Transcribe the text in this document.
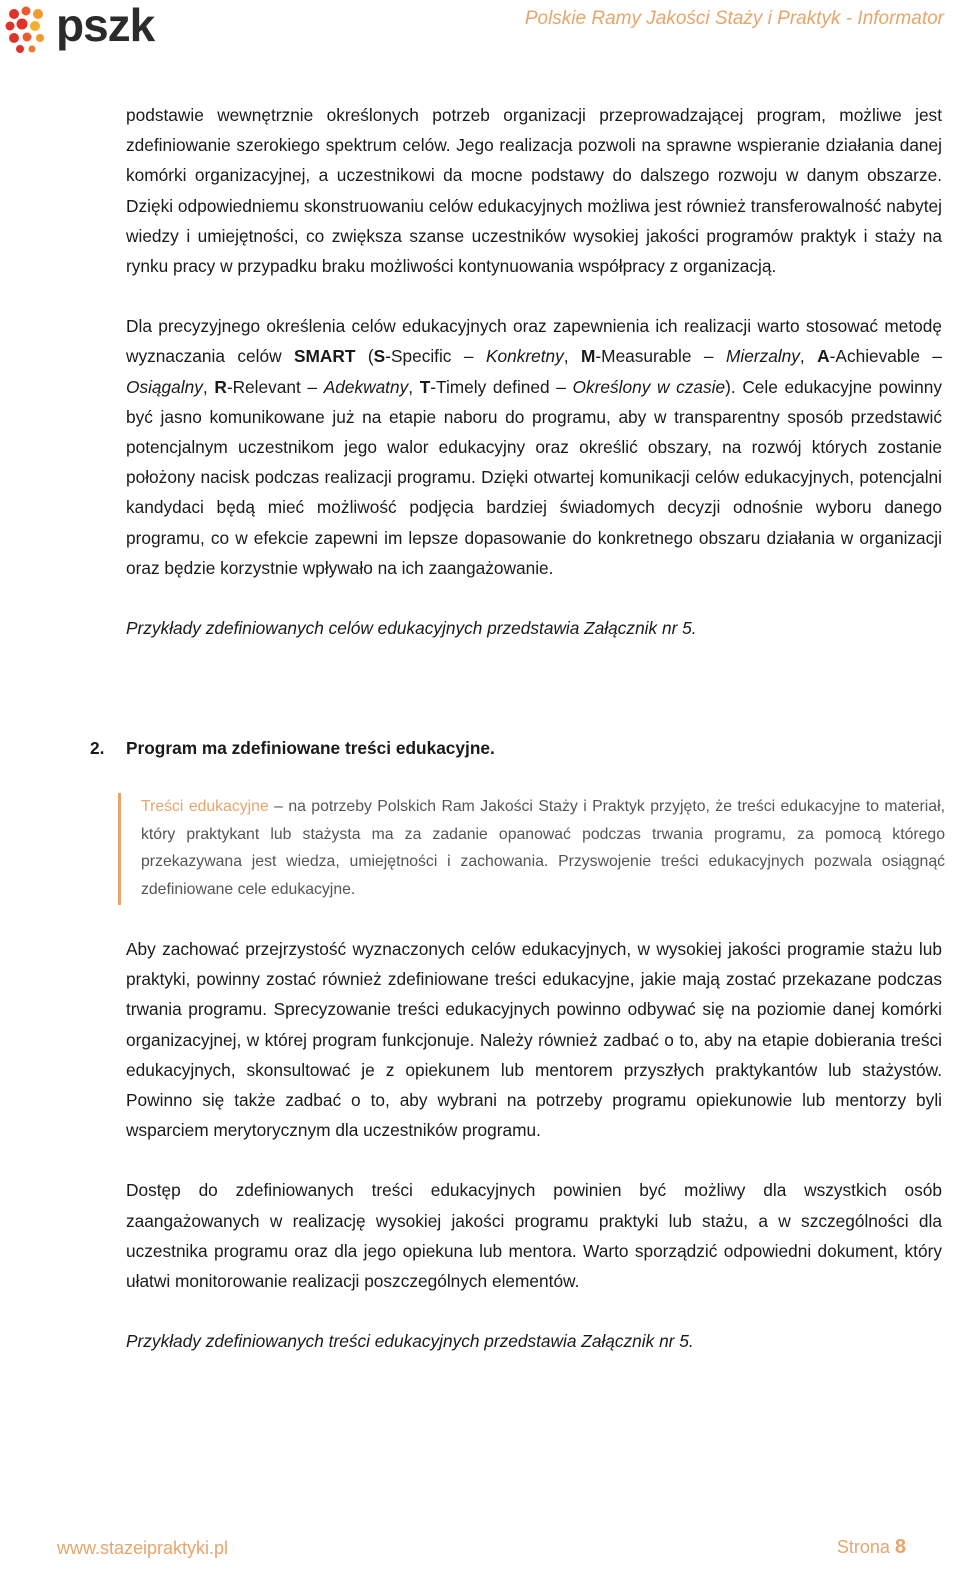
pszk	Polskie Ramy Jakości Staży i Praktyk - Informator

podstawie wewnętrznie określonych potrzeb organizacji przeprowadzającej program, możliwe jest zdefiniowanie szerokiego spektrum celów. Jego realizacja pozwoli na sprawne wspieranie działania danej komórki organizacyjnej, a uczestnikowi da mocne podstawy do dalszego rozwoju w danym obszarze. Dzięki odpowiedniemu skonstruowaniu celów edukacyjnych możliwa jest również transferowalność nabytej wiedzy i umiejętności, co zwiększa szanse uczestników wysokiej jakości programów praktyk i staży na rynku pracy w przypadku braku możliwości kontynuowania współpracy z organizacją.

Dla precyzyjnego określenia celów edukacyjnych oraz zapewnienia ich realizacji warto stosować metodę wyznaczania celów SMART (S-Specific – Konkretny, M-Measurable – Mierzalny, A-Achievable – Osiągalny, R-Relevant – Adekwatny, T-Timely defined – Określony w czasie). Cele edukacyjne powinny być jasno komunikowane już na etapie naboru do programu, aby w transparentny sposób przedstawić potencjalnym uczestnikom jego walor edukacyjny oraz określić obszary, na rozwój których zostanie położony nacisk podczas realizacji programu. Dzięki otwartej komunikacji celów edukacyjnych, potencjalni kandydaci będą mieć możliwość podjęcia bardziej świadomych decyzji odnośnie wyboru danego programu, co w efekcie zapewni im lepsze dopasowanie do konkretnego obszaru działania w organizacji oraz będzie korzystnie wpływało na ich zaangażowanie.

Przykłady zdefiniowanych celów edukacyjnych przedstawia Załącznik nr 5.

2. Program ma zdefiniowane treści edukacyjne.

Treści edukacyjne – na potrzeby Polskich Ram Jakości Staży i Praktyk przyjęto, że treści edukacyjne to materiał, który praktykant lub stażysta ma za zadanie opanować podczas trwania programu, za pomocą którego przekazywana jest wiedza, umiejętności i zachowania. Przyswojenie treści edukacyjnych pozwala osiągnąć zdefiniowane cele edukacyjne.

Aby zachować przejrzystość wyznaczonych celów edukacyjnych, w wysokiej jakości programie stażu lub praktyki, powinny zostać również zdefiniowane treści edukacyjne, jakie mają zostać przekazane podczas trwania programu. Sprecyzowanie treści edukacyjnych powinno odbywać się na poziomie danej komórki organizacyjnej, w której program funkcjonuje. Należy również zadbać o to, aby na etapie dobierania treści edukacyjnych, skonsultować je z opiekunem lub mentorem przyszłych praktykantów lub stażystów. Powinno się także zadbać o to, aby wybrani na potrzeby programu opiekunowie lub mentorzy byli wsparciem merytorycznym dla uczestników programu.

Dostęp do zdefiniowanych treści edukacyjnych powinien być możliwy dla wszystkich osób zaangażowanych w realizację wysokiej jakości programu praktyki lub stażu, a w szczególności dla uczestnika programu oraz dla jego opiekuna lub mentora. Warto sporządzić odpowiedni dokument, który ułatwi monitorowanie realizacji poszczególnych elementów.

Przykłady zdefiniowanych treści edukacyjnych przedstawia Załącznik nr 5.

www.stazeipraktyki.pl	Strona 8
